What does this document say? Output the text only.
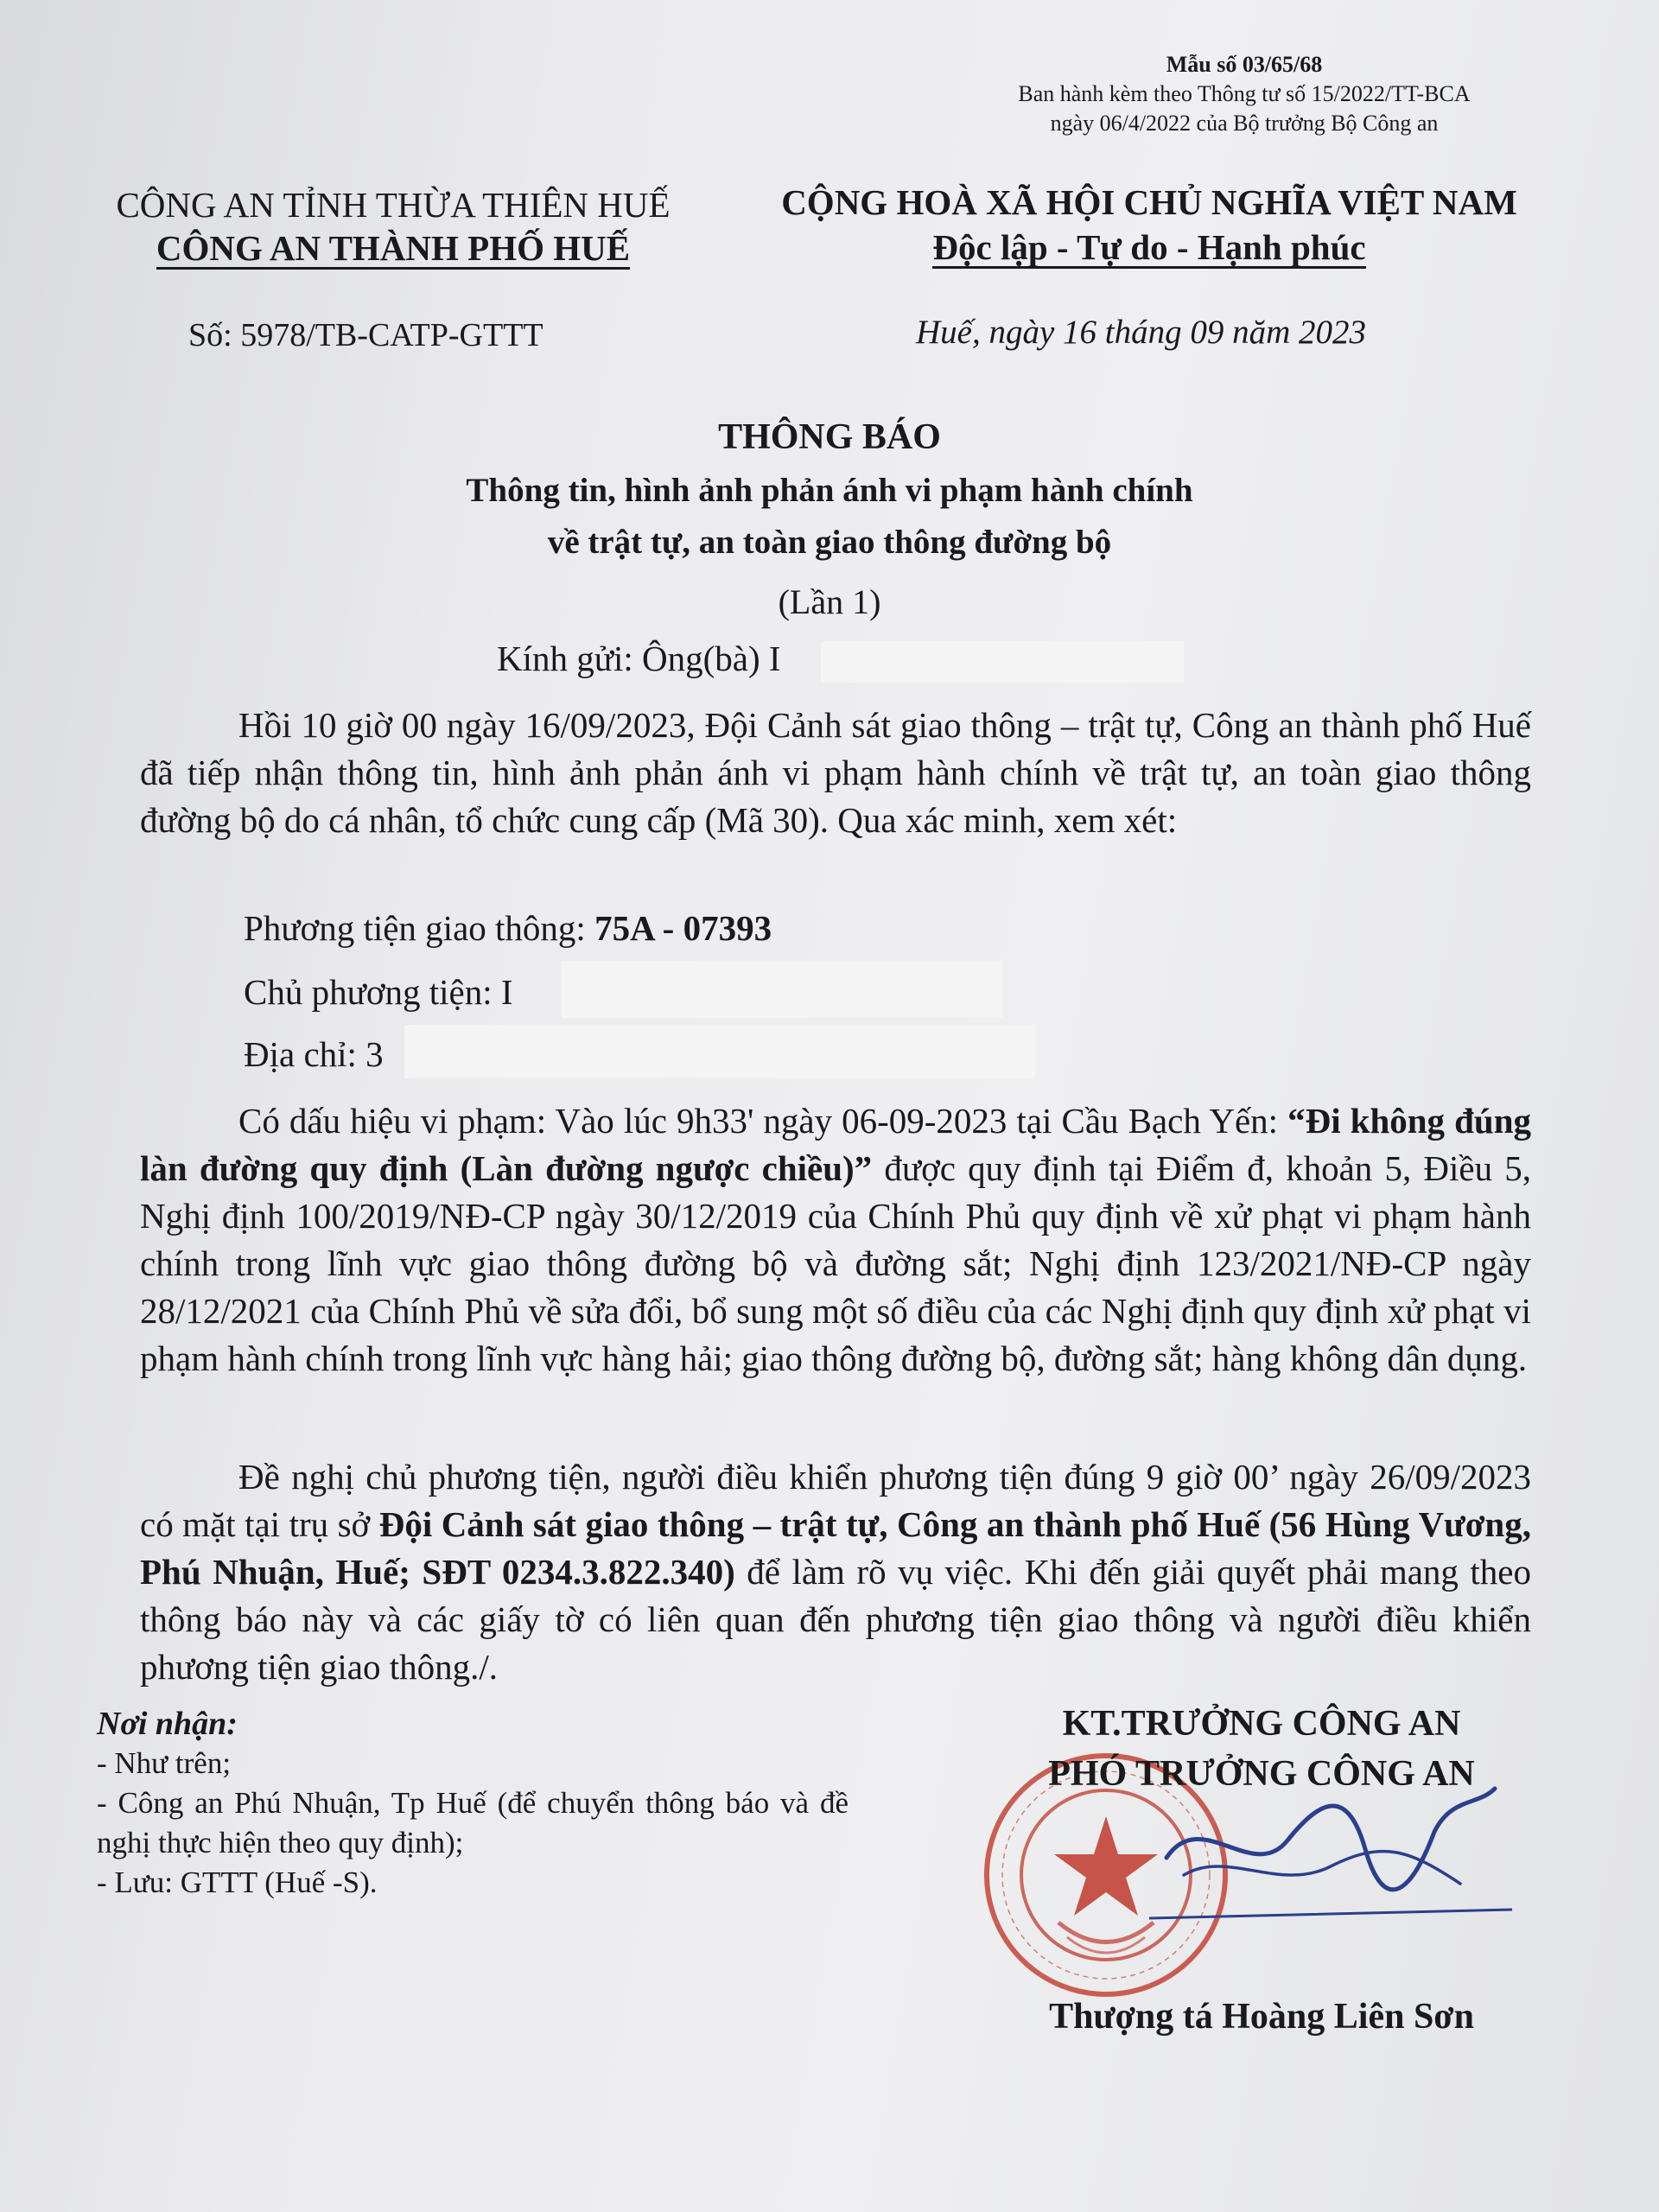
Mẫu số 03/65/68
Ban hành kèm theo Thông tư số 15/2022/TT-BCA
ngày 06/4/2022 của Bộ trưởng Bộ Công an
CÔNG AN TỈNH THỪA THIÊN HUẾ
CÔNG AN THÀNH PHỐ HUẾ
CỘNG HOÀ XÃ HỘI CHỦ NGHĨA VIỆT NAM
Độc lập - Tự do - Hạnh phúc
Số: 5978/TB-CATP-GTTT	Huế, ngày 16 tháng 09 năm 2023
THÔNG BÁO
Thông tin, hình ảnh phản ánh vi phạm hành chính
về trật tự, an toàn giao thông đường bộ
(Lần 1)
Kính gửi: Ông(bà) I
Hồi 10 giờ 00 ngày 16/09/2023, Đội Cảnh sát giao thông – trật tự, Công an thành phố Huế đã tiếp nhận thông tin, hình ảnh phản ánh vi phạm hành chính về trật tự, an toàn giao thông đường bộ do cá nhân, tổ chức cung cấp (Mã 30). Qua xác minh, xem xét:
Phương tiện giao thông: 75A - 07393
Chủ phương tiện: I
Địa chỉ: 3
Có dấu hiệu vi phạm: Vào lúc 9h33' ngày 06-09-2023 tại Cầu Bạch Yến: “Đi không đúng làn đường quy định (Làn đường ngược chiều)” được quy định tại Điểm đ, khoản 5, Điều 5, Nghị định 100/2019/NĐ-CP ngày 30/12/2019 của Chính Phủ quy định về xử phạt vi phạm hành chính trong lĩnh vực giao thông đường bộ và đường sắt; Nghị định 123/2021/NĐ-CP ngày 28/12/2021 của Chính Phủ về sửa đổi, bổ sung một số điều của các Nghị định quy định xử phạt vi phạm hành chính trong lĩnh vực hàng hải; giao thông đường bộ, đường sắt; hàng không dân dụng.
Đề nghị chủ phương tiện, người điều khiển phương tiện đúng 9 giờ 00’ ngày 26/09/2023 có mặt tại trụ sở Đội Cảnh sát giao thông – trật tự, Công an thành phố Huế (56 Hùng Vương, Phú Nhuận, Huế; SĐT 0234.3.822.340) để làm rõ vụ việc. Khi đến giải quyết phải mang theo thông báo này và các giấy tờ có liên quan đến phương tiện giao thông và người điều khiển phương tiện giao thông./.
Nơi nhận:
- Như trên;
- Công an Phú Nhuận, Tp Huế (để chuyển thông báo và đề nghị thực hiện theo quy định);
- Lưu: GTTT (Huế -S).
KT.TRƯỞNG CÔNG AN
PHÓ TRƯỞNG CÔNG AN
Thượng tá Hoàng Liên Sơn
